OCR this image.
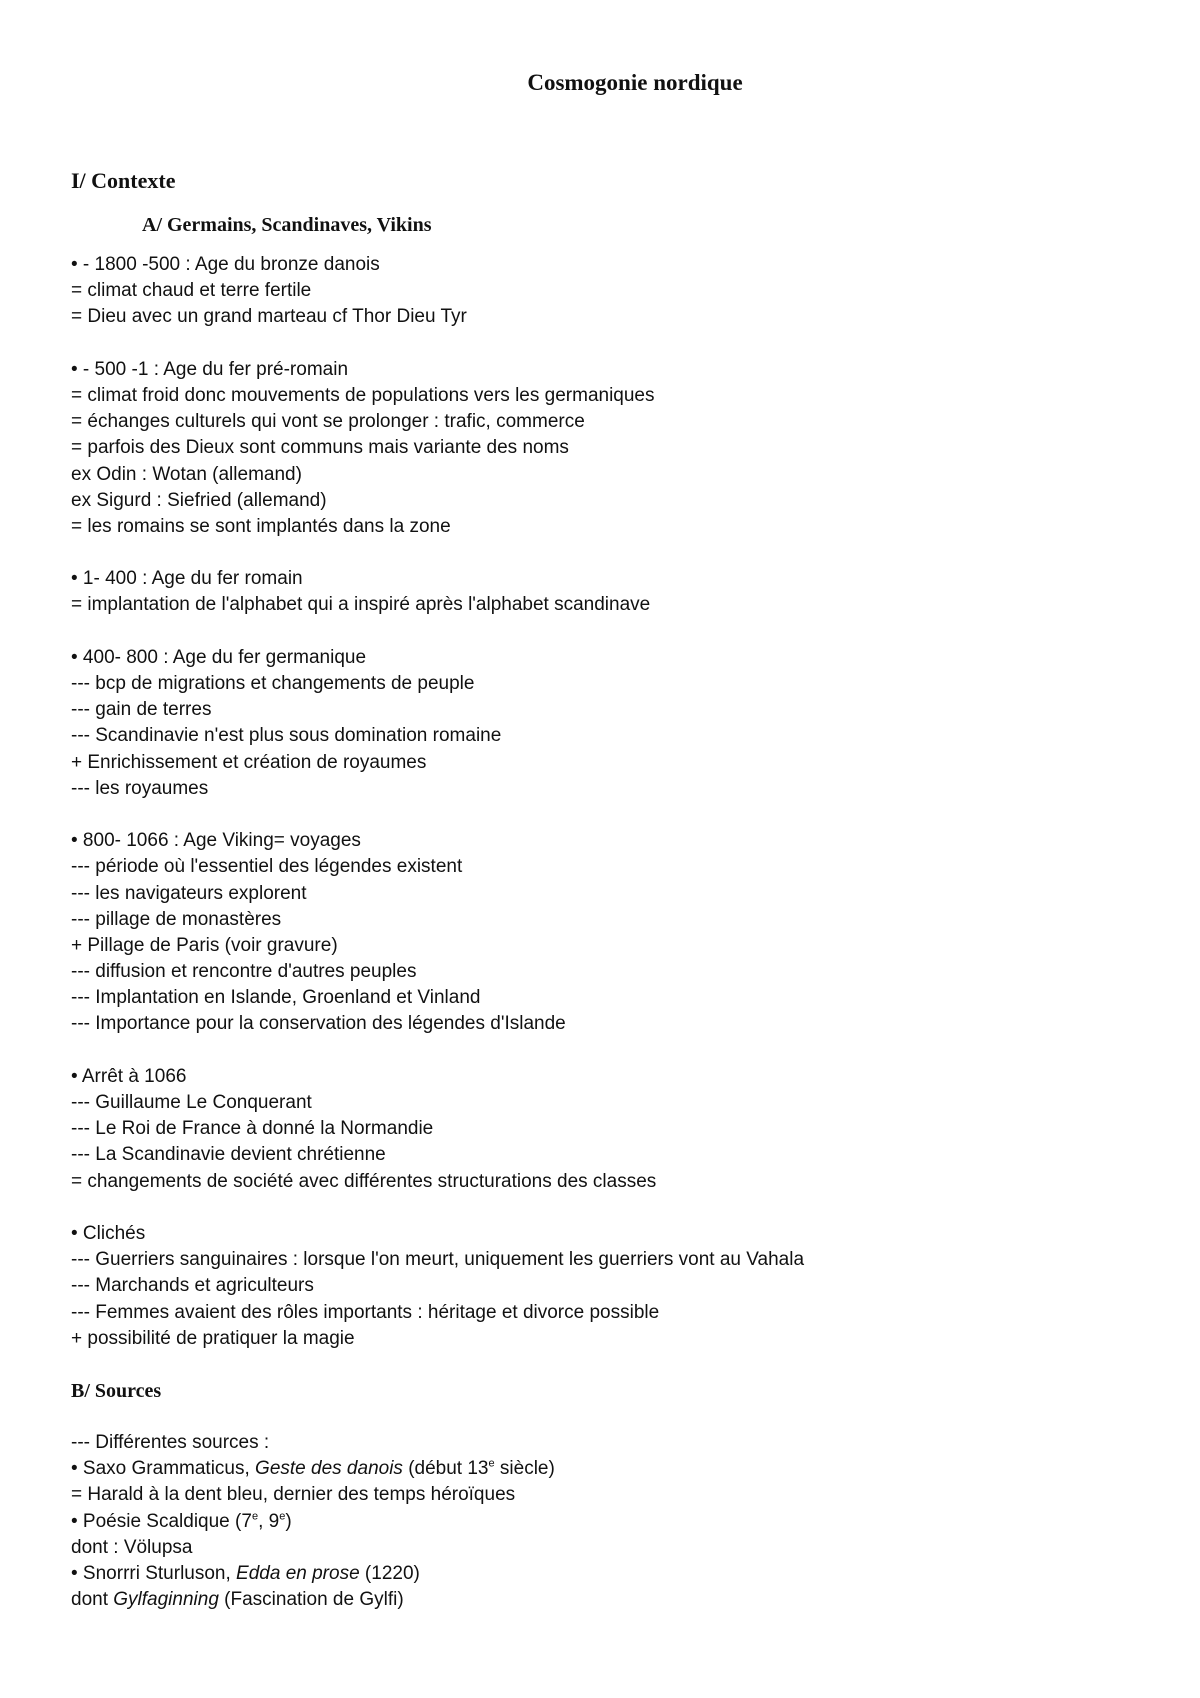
Cosmogonie nordique
I/ Contexte
A/ Germains, Scandinaves, Vikins

• - 1800 -500 : Age du bronze danois

= climat chaud et terre fertile

= Dieu avec un grand marteau cf Thor Dieu Tyr

• - 500 -1 : Age du fer pré-romain

= climat froid donc mouvements de populations vers les germaniques

= échanges culturels qui vont se prolonger : trafic, commerce

= parfois des Dieux sont communs mais variante des noms

ex Odin : Wotan (allemand)

ex Sigurd : Siefried (allemand)

= les romains se sont implantés dans la zone

• 1- 400 : Age du fer romain

= implantation de l'alphabet qui a inspiré après l'alphabet scandinave

• 400- 800 : Age du fer germanique

--- bcp de migrations et changements de peuple

--- gain de terres

--- Scandinavie n'est plus sous domination romaine

+ Enrichissement et création de royaumes

--- les royaumes

• 800- 1066 : Age Viking= voyages

--- période où l'essentiel des légendes existent

--- les navigateurs explorent

--- pillage de monastères

+ Pillage de Paris (voir gravure)

--- diffusion et rencontre d'autres peuples

--- Implantation en Islande, Groenland et Vinland

--- Importance pour la conservation des légendes d'Islande

• Arrêt à 1066

--- Guillaume Le Conquerant

--- Le Roi de France à donné la Normandie

--- La Scandinavie devient chrétienne

= changements de société avec différentes structurations des classes

• Clichés

--- Guerriers sanguinaires : lorsque l'on meurt, uniquement les guerriers vont au Vahala

--- Marchands et agriculteurs

--- Femmes avaient des rôles importants : héritage et divorce possible

+ possibilité de pratiquer la magie

B/ Sources

--- Différentes sources :

• Saxo Grammaticus, Geste des danois (début 13e siècle)

= Harald à la dent bleu, dernier des temps héroïques

• Poésie Scaldique (7e, 9e)

dont : Völupsa

• Snorrri Sturluson, Edda en prose (1220)

dont Gylfaginning (Fascination de Gylfi)
